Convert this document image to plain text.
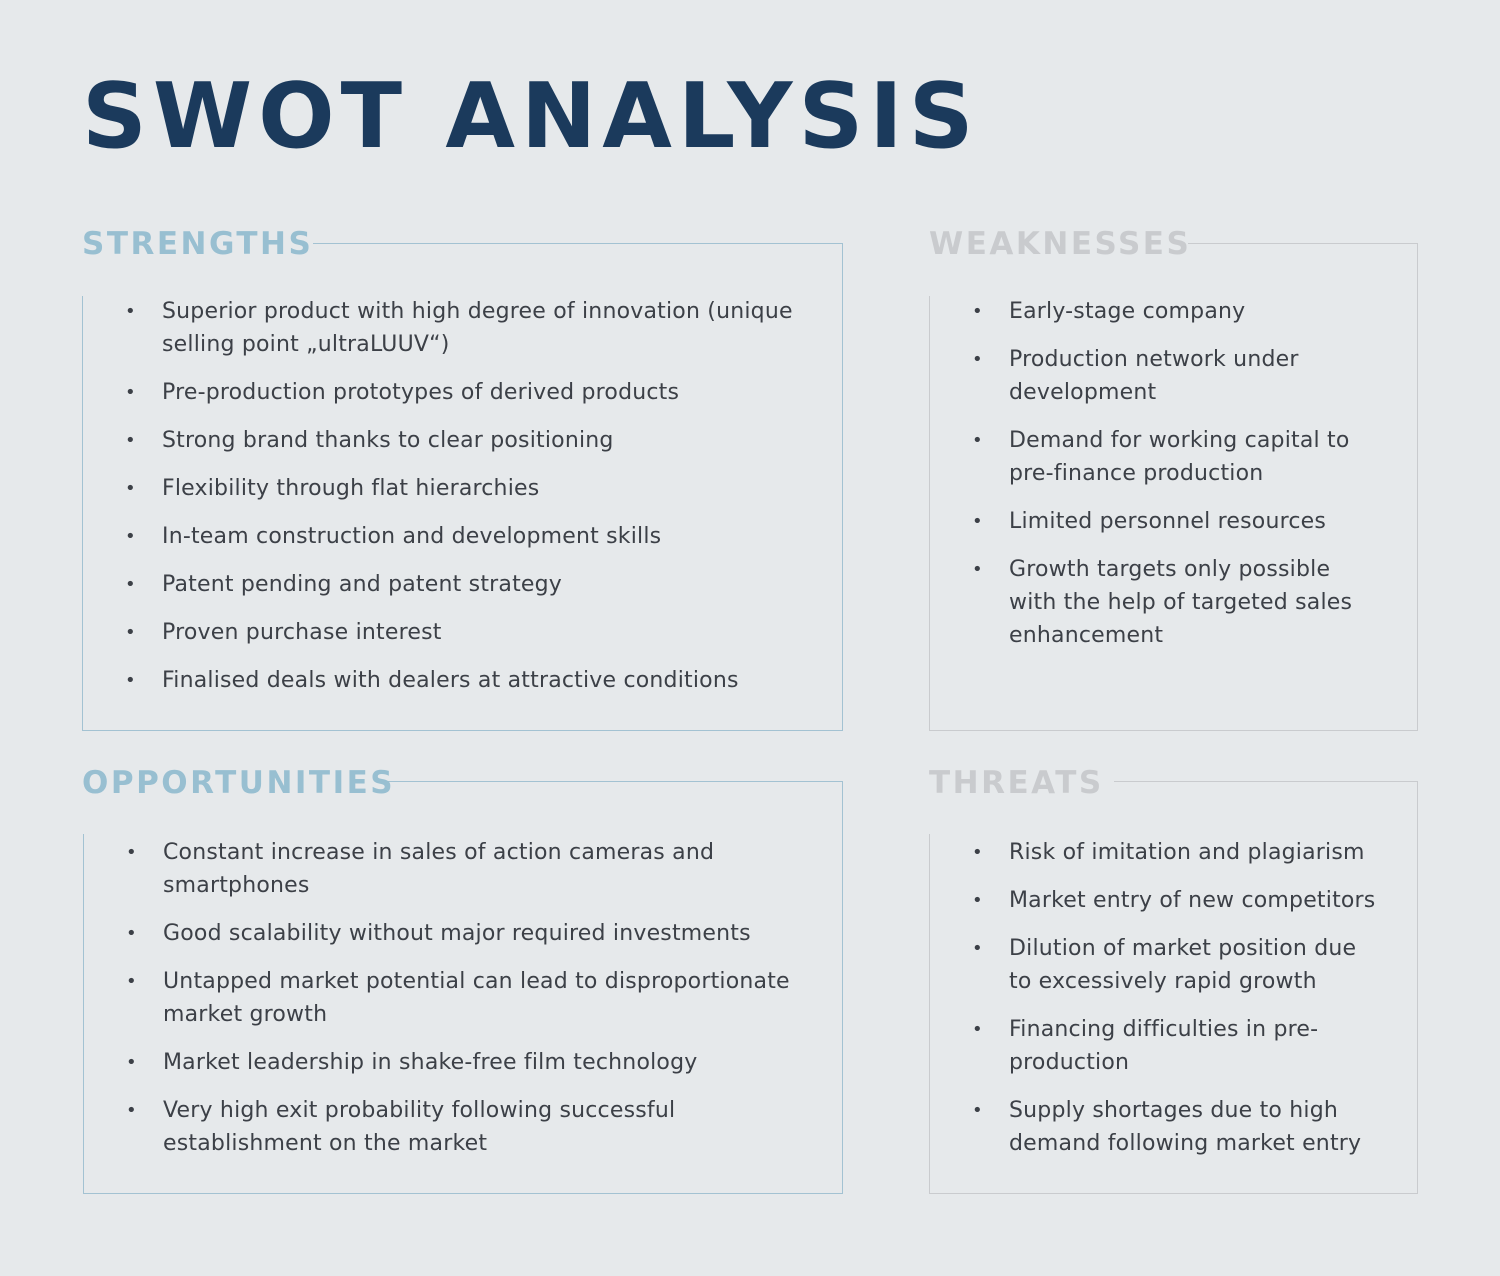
SWOT ANALYSIS
STRENGTHS
• Superior product with high degree of innovation (unique selling point „ultraLUUV“)
• Pre-production prototypes of derived products
• Strong brand thanks to clear positioning
• Flexibility through flat hierarchies
• In-team construction and development skills
• Patent pending and patent strategy
• Proven purchase interest
• Finalised deals with dealers at attractive conditions
WEAKNESSES
• Early-stage company
• Production network under development
• Demand for working capital to pre-finance production
• Limited personnel resources
• Growth targets only possible with the help of targeted sales enhancement
OPPORTUNITIES
• Constant increase in sales of action cameras and smartphones
• Good scalability without major required investments
• Untapped market potential can lead to disproportionate market growth
• Market leadership in shake-free film technology
• Very high exit probability following successful establishment on the market
THREATS
• Risk of imitation and plagiarism
• Market entry of new competitors
• Dilution of market position due to excessively rapid growth
• Financing difficulties in pre-production
• Supply shortages due to high demand following market entry
